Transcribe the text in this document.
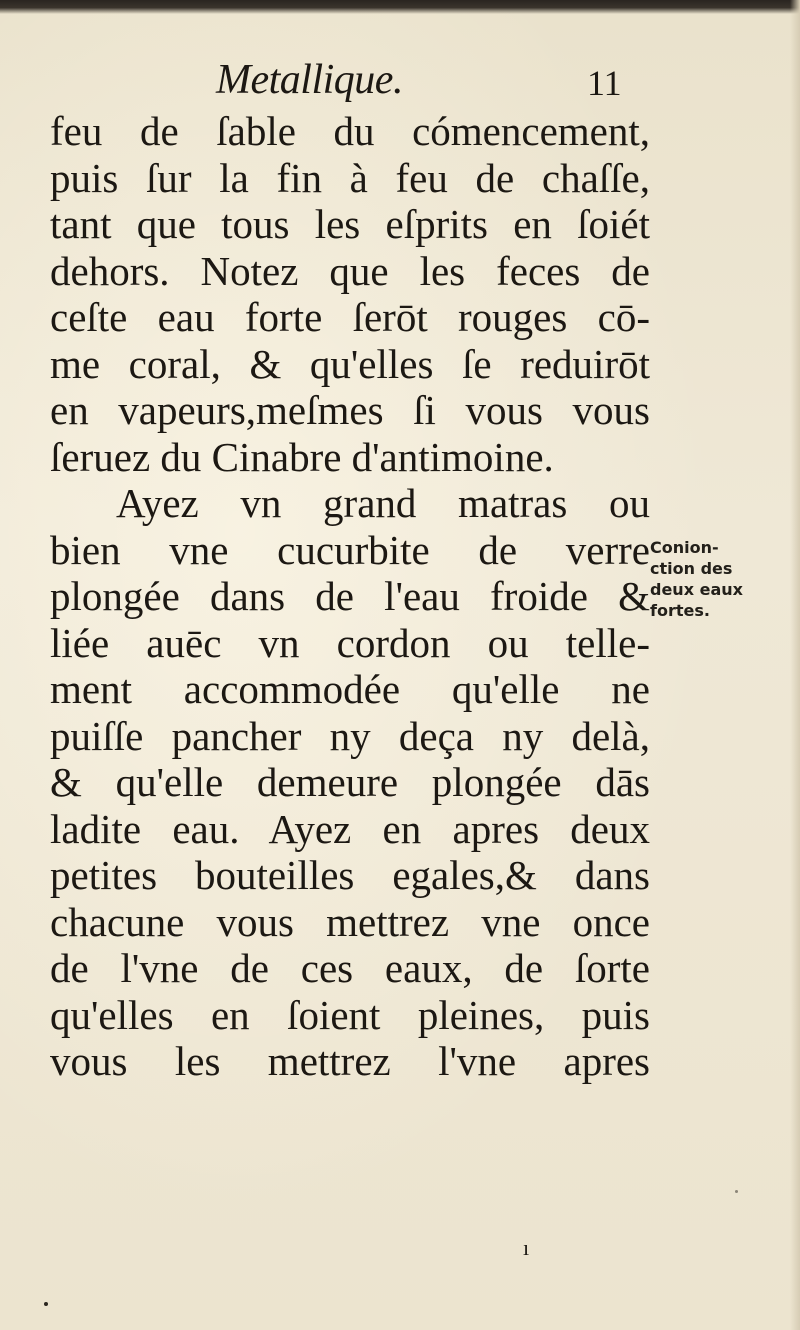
Metallique.	11
feu de ſable du cómencement,
puis ſur la fin à feu de chaſſe,
tant que tous les eſprits en ſoiét
dehors. Notez que les feces de
ceſte eau forte ſerōt rouges cō-
me coral, & qu'elles ſe reduirōt
en vapeurs,meſmes ſi vous vous
ſeruez du Cinabre d'antimoine.
Ayez vn grand matras ou
bien vne cucurbite de verre
plongée dans de l'eau froide &
liée auēc vn cordon ou telle-
ment accommodée qu'elle ne
puiſſe pancher ny deça ny delà,
& qu'elle demeure plongée dās
ladite eau. Ayez en apres deux
petites bouteilles egales,& dans
chacune vous mettrez vne once
de l'vne de ces eaux, de ſorte
qu'elles en ſoient pleines, puis
vous les mettrez l'vne apres
Conion-
ction des
deux eaux
fortes.
ı
